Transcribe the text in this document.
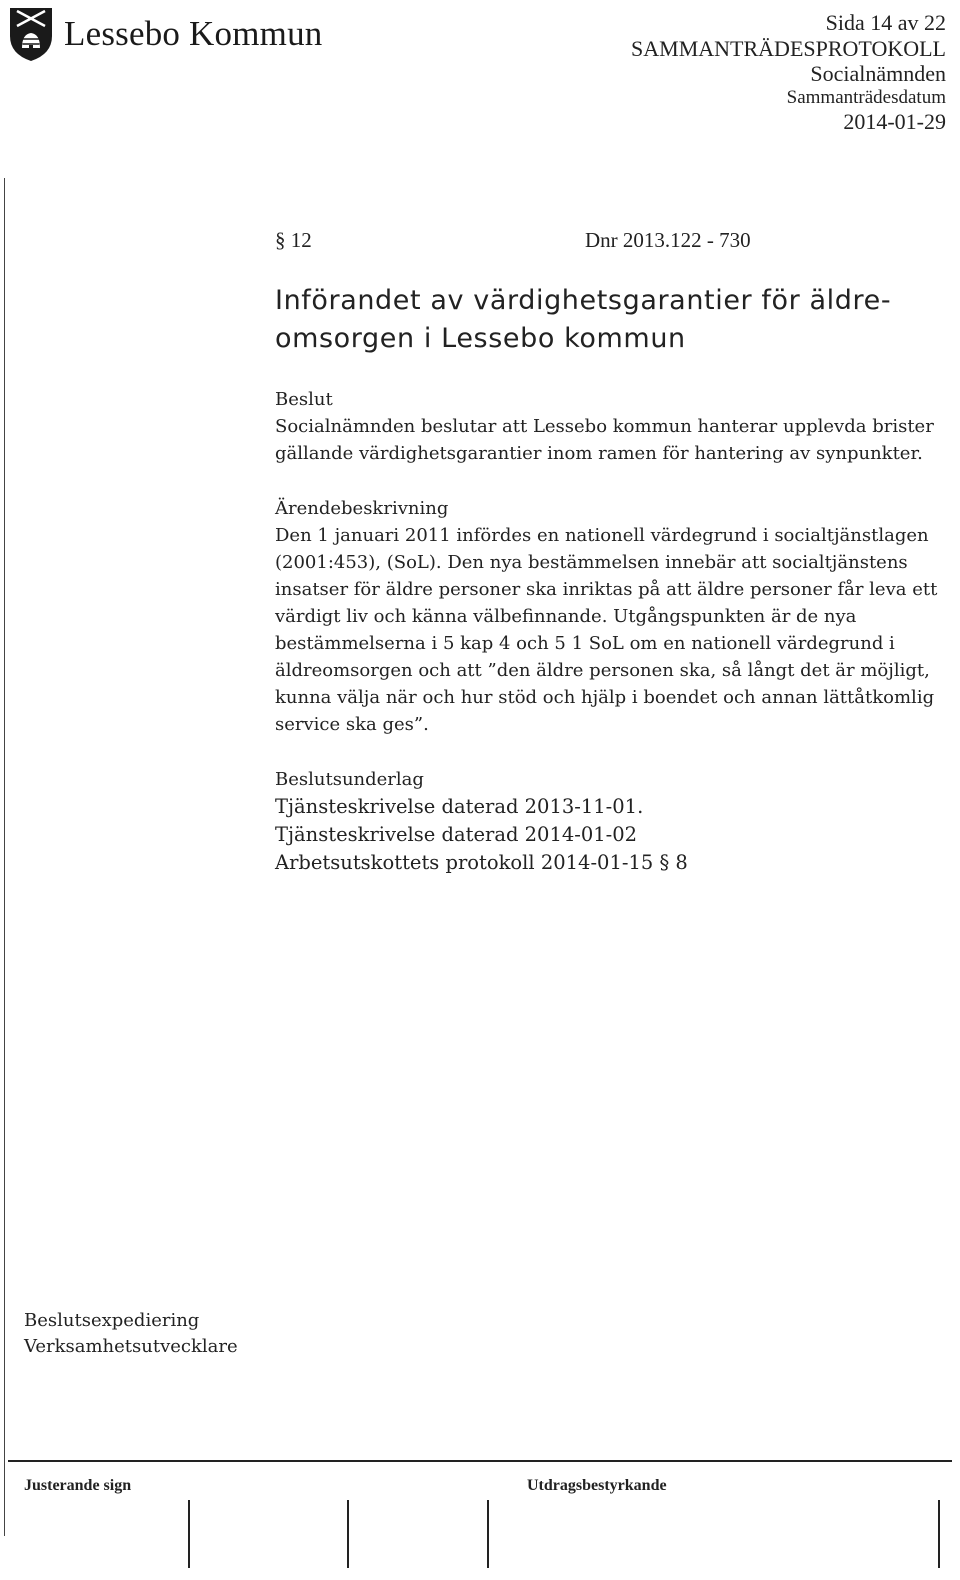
Lessebo Kommun	Sida 14 av 22
SAMMANTRÄDESPROTOKOLL
Socialnämnden
Sammanträdesdatum
2014-01-29
§ 12	Dnr 2013.122 - 730
Införandet av värdighetsgarantier för äldre-omsorgen i Lessebo kommun
Beslut

Socialnämnden beslutar att Lessebo kommun hanterar upplevda brister gällande värdighetsgarantier inom ramen för hantering av synpunkter.

Ärendebeskrivning

Den 1 januari 2011 infördes en nationell värdegrund i socialtjänstlagen (2001:453), (SoL). Den nya bestämmelsen innebär att socialtjänstens insatser för äldre personer ska inriktas på att äldre personer får leva ett värdigt liv och känna välbefinnande. Utgångspunkten är de nya bestämmelserna i 5 kap 4 och 5 1 SoL om en nationell värdegrund i äldreomsorgen och att ”den äldre personen ska, så långt det är möjligt, kunna välja när och hur stöd och hjälp i boendet och annan lättåtkomlig service ska ges”.

Beslutsunderlag
Tjänsteskrivelse daterad 2013-11-01.
Tjänsteskrivelse daterad 2014-01-02
Arbetsutskottets protokoll 2014-01-15 § 8
Beslutsexpediering
Verksamhetsutvecklare
Justerande sign	Utdragsbestyrkande
